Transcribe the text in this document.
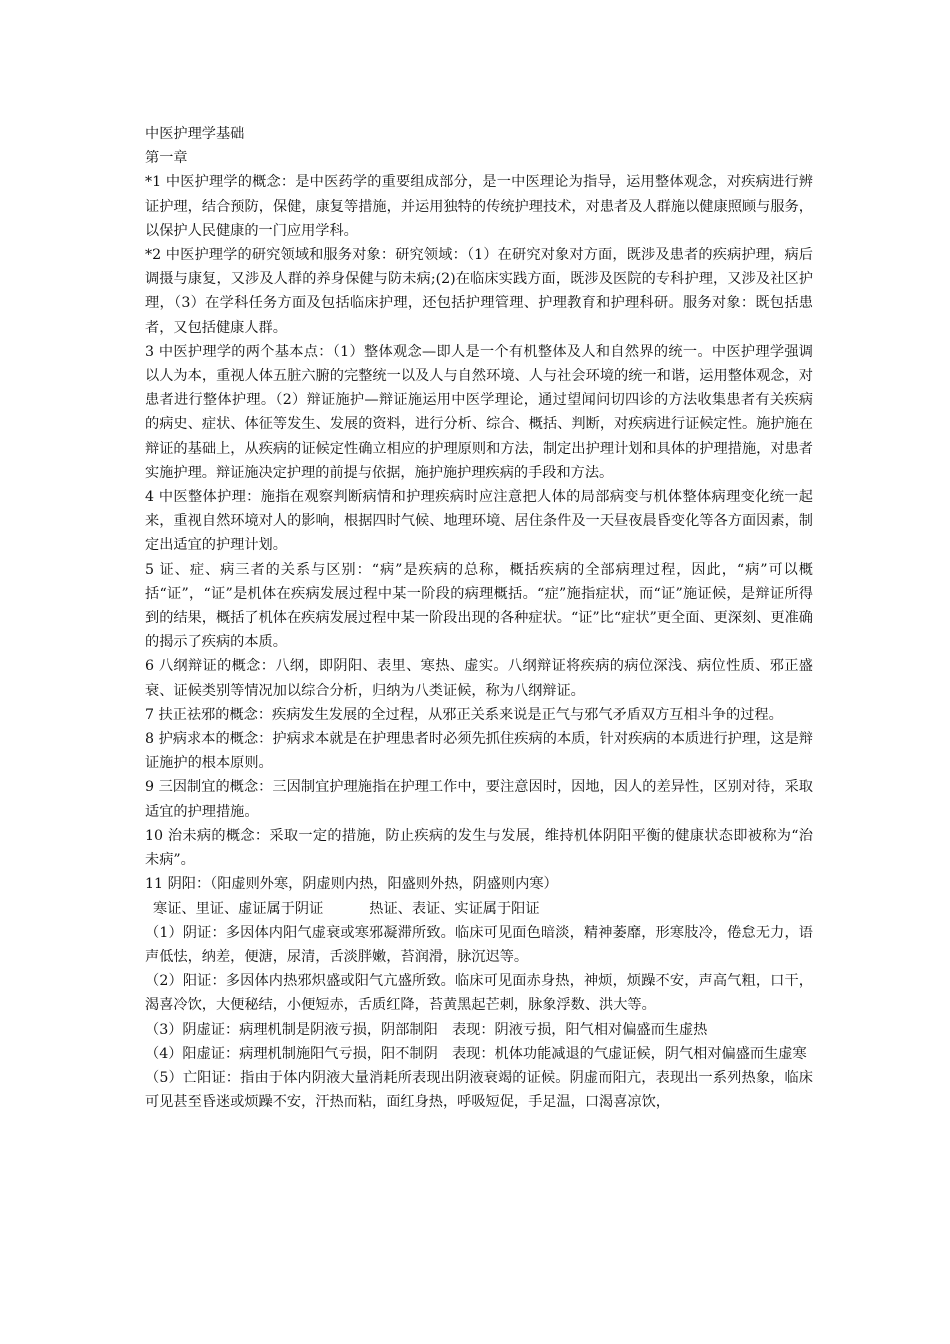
中医护理学基础

第一章

*1 中医护理学的概念：是中医药学的重要组成部分，是一中医理论为指导，运用整体观念，对疾病进行辨证护理，结合预防，保健，康复等措施，并运用独特的传统护理技术，对患者及人群施以健康照顾与服务，以保护人民健康的一门应用学科。

*2 中医护理学的研究领域和服务对象：研究领域：（1）在研究对象对方面，既涉及患者的疾病护理，病后调摄与康复，又涉及人群的养身保健与防未病;(2)在临床实践方面，既涉及医院的专科护理，又涉及社区护理，（3）在学科任务方面及包括临床护理，还包括护理管理、护理教育和护理科研。服务对象：既包括患者，又包括健康人群。

3 中医护理学的两个基本点：（1）整体观念—即人是一个有机整体及人和自然界的统一。中医护理学强调以人为本，重视人体五脏六腑的完整统一以及人与自然环境、人与社会环境的统一和谐，运用整体观念，对患者进行整体护理。（2）辩证施护—辩证施运用中医学理论，通过望闻问切四诊的方法收集患者有关疾病的病史、症状、体征等发生、发展的资料，进行分析、综合、概括、判断，对疾病进行证候定性。施护施在辩证的基础上，从疾病的证候定性确立相应的护理原则和方法，制定出护理计划和具体的护理措施，对患者实施护理。辩证施决定护理的前提与依据，施护施护理疾病的手段和方法。

4 中医整体护理：施指在观察判断病情和护理疾病时应注意把人体的局部病变与机体整体病理变化统一起来，重视自然环境对人的影响，根据四时气候、地理环境、居住条件及一天昼夜晨昏变化等各方面因素，制定出适宜的护理计划。

5 证、症、病三者的关系与区别：“病”是疾病的总称，概括疾病的全部病理过程，因此，“病”可以概括“证”，“证”是机体在疾病发展过程中某一阶段的病理概括。“症”施指症状，而“证”施证候，是辩证所得到的结果，概括了机体在疾病发展过程中某一阶段出现的各种症状。“证”比“症状”更全面、更深刻、更准确的揭示了疾病的本质。

6 八纲辩证的概念：八纲，即阴阳、表里、寒热、虚实。八纲辩证将疾病的病位深浅、病位性质、邪正盛衰、证候类别等情况加以综合分析，归纳为八类证候，称为八纲辩证。

7 扶正祛邪的概念：疾病发生发展的全过程，从邪正关系来说是正气与邪气矛盾双方互相斗争的过程。

8 护病求本的概念：护病求本就是在护理患者时必须先抓住疾病的本质，针对疾病的本质进行护理，这是辩证施护的根本原则。

9 三因制宜的概念：三因制宜护理施指在护理工作中，要注意因时，因地，因人的差异性，区别对待，采取适宜的护理措施。

10 治未病的概念：采取一定的措施，防止疾病的发生与发展，维持机体阴阳平衡的健康状态即被称为“治未病”。

11 阴阳：（阳虚则外寒，阴虚则内热，阳盛则外热，阴盛则内寒）

寒证、里证、虚证属于阴证	热证、表证、实证属于阳证

（1）阴证：多因体内阳气虚衰或寒邪凝滞所致。临床可见面色暗淡，精神萎靡，形寒肢冷，倦怠无力，语声低怯，纳差，便溏，尿清，舌淡胖嫩，苔润滑，脉沉迟等。

（2）阳证：多因体内热邪炽盛或阳气亢盛所致。临床可见面赤身热，神烦，烦躁不安，声高气粗，口干，渴喜冷饮，大便秘结，小便短赤，舌质红降，苔黄黑起芒刺，脉象浮数、洪大等。

（3）阴虚证：病理机制是阴液亏损，阴部制阳　表现：阴液亏损，阳气相对偏盛而生虚热

（4）阳虚证：病理机制施阳气亏损，阳不制阴　表现：机体功能减退的气虚证候，阴气相对偏盛而生虚寒

（5）亡阳证：指由于体内阴液大量消耗所表现出阴液衰竭的证候。阴虚而阳亢，表现出一系列热象，临床可见甚至昏迷或烦躁不安，汗热而粘，面红身热，呼吸短促，手足温，口渴喜凉饮，
